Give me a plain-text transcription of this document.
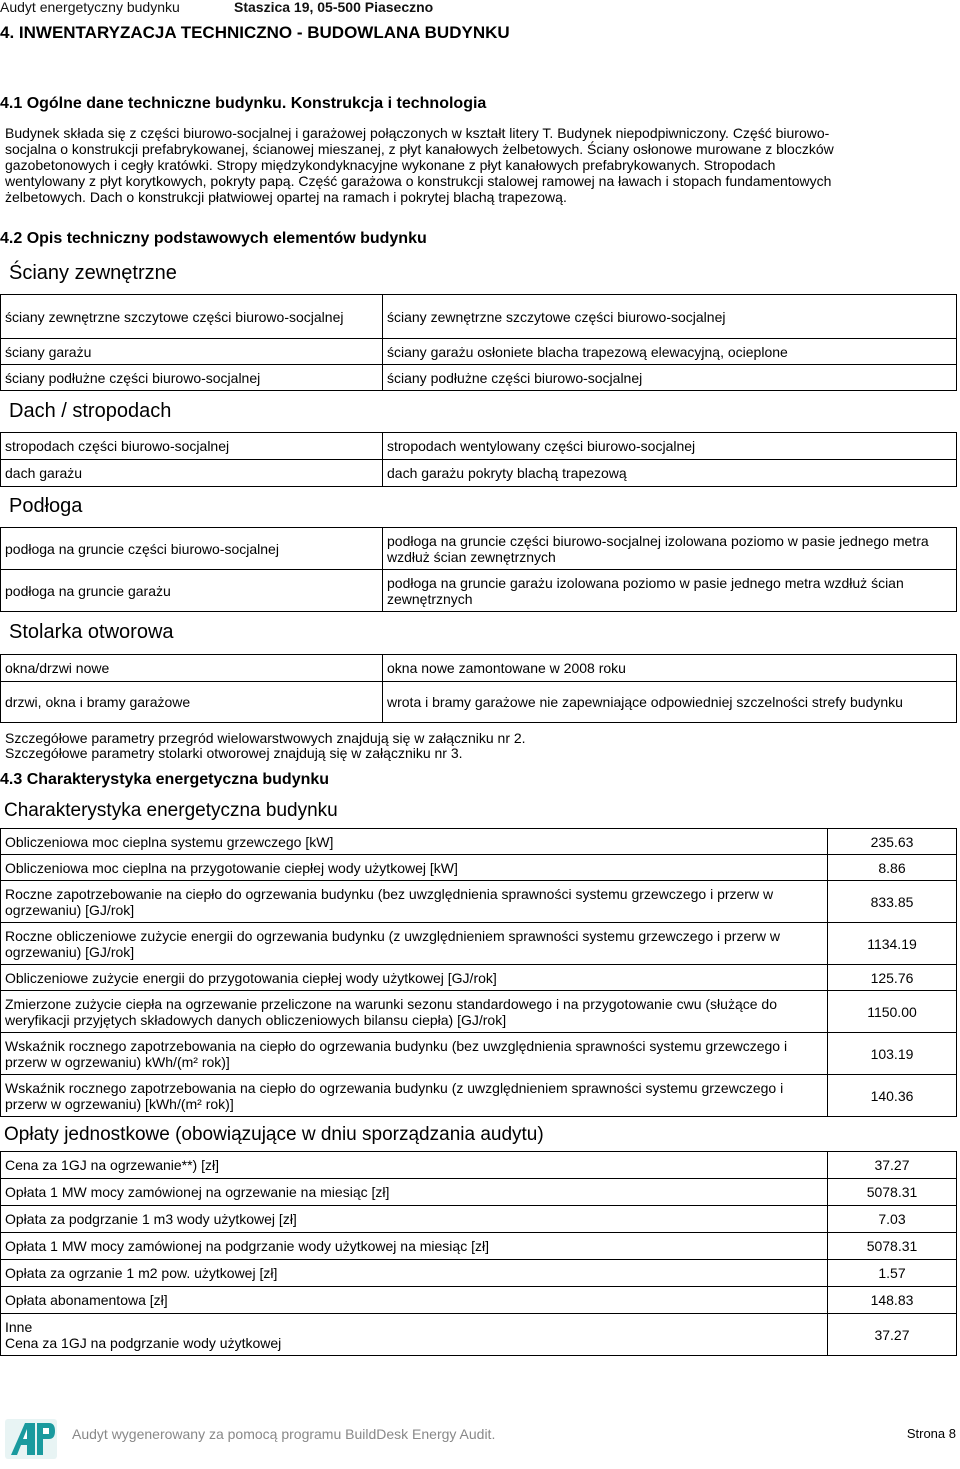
Audyt energetyczny budynku	Staszica 19, 05-500 Piaseczno
4. INWENTARYZACJA TECHNICZNO - BUDOWLANA BUDYNKU
4.1 Ogólne dane techniczne budynku. Konstrukcja i technologia
Budynek składa się z części biurowo-socjalnej i garażowej połączonych w kształt litery T. Budynek niepodpiwniczony. Część biurowo-
socjalna o konstrukcji prefabrykowanej, ścianowej mieszanej, z płyt kanałowych żelbetowych. Ściany osłonowe murowane z bloczków
gazobetonowych i cegły kratówki. Stropy międzykondyknacyjne wykonane z płyt kanałowych prefabrykowanych. Stropodach
wentylowany z płyt korytkowych, pokryty papą. Część garażowa o konstrukcji stalowej ramowej na ławach i stopach fundamentowych
żelbetowych. Dach o konstrukcji płatwiowej opartej na ramach i pokrytej blachą trapezową.
4.2 Opis techniczny podstawowych elementów budynku
Ściany zewnętrzne
ściany zewnętrzne szczytowe części biurowo-socjalnej	ściany zewnętrzne szczytowe części biurowo-socjalnej
ściany garażu	ściany garażu osłoniete blacha trapezową elewacyjną, ocieplone
ściany podłużne części biurowo-socjalnej	ściany podłużne części biurowo-socjalnej
Dach / stropodach
stropodach części biurowo-socjalnej	stropodach wentylowany części biurowo-socjalnej
dach garażu	dach garażu pokryty blachą trapezową
Podłoga
podłoga na gruncie części biurowo-socjalnej	podłoga na gruncie części biurowo-socjalnej izolowana poziomo w pasie jednego metra wzdłuż ścian zewnętrznych
podłoga na gruncie garażu	podłoga na gruncie garażu izolowana poziomo w pasie jednego metra wzdłuż ścian zewnętrznych
Stolarka otworowa
okna/drzwi nowe	okna nowe zamontowane w 2008 roku
drzwi, okna i bramy garażowe	wrota i bramy garażowe nie zapewniające odpowiedniej szczelności strefy budynku
Szczegółowe parametry przegród wielowarstwowych znajdują się w załączniku nr 2.
Szczegółowe parametry stolarki otworowej znajdują się w załączniku nr 3.
4.3 Charakterystyka energetyczna budynku
Charakterystyka energetyczna budynku
Obliczeniowa moc cieplna systemu grzewczego [kW]	235.63
Obliczeniowa moc cieplna na przygotowanie ciepłej wody użytkowej [kW]	8.86
Roczne zapotrzebowanie na ciepło do ogrzewania budynku (bez uwzględnienia sprawności systemu grzewczego i przerw w ogrzewaniu) [GJ/rok]	833.85
Roczne obliczeniowe zużycie energii do ogrzewania budynku (z uwzględnieniem sprawności systemu grzewczego i przerw w ogrzewaniu) [GJ/rok]	1134.19
Obliczeniowe zużycie energii do przygotowania ciepłej wody użytkowej [GJ/rok]	125.76
Zmierzone zużycie ciepła na ogrzewanie przeliczone na warunki sezonu standardowego i na przygotowanie cwu (służące do weryfikacji przyjętych składowych danych obliczeniowych bilansu ciepła) [GJ/rok]	1150.00
Wskaźnik rocznego zapotrzebowania na ciepło do ogrzewania budynku (bez uwzględnienia sprawności systemu grzewczego i przerw w ogrzewaniu) kWh/(m² rok)]	103.19
Wskaźnik rocznego zapotrzebowania na ciepło do ogrzewania budynku (z uwzględnieniem sprawności systemu grzewczego i przerw w ogrzewaniu) [kWh/(m² rok)]	140.36
Opłaty jednostkowe (obowiązujące w dniu sporządzania audytu)
Cena za 1GJ na ogrzewanie**) [zł]	37.27
Opłata 1 MW mocy zamówionej na ogrzewanie na miesiąc [zł]	5078.31
Opłata za podgrzanie 1 m3 wody użytkowej [zł]	7.03
Opłata 1 MW mocy zamówionej na podgrzanie wody użytkowej na miesiąc [zł]	5078.31
Opłata za ogrzanie 1 m2 pow. użytkowej [zł]	1.57
Opłata abonamentowa [zł]	148.83

Inne
Cena za 1GJ na podgrzanie wody użytkowej	37.27
Audyt wygenerowany za pomocą programu BuildDesk Energy Audit.	Strona 8
